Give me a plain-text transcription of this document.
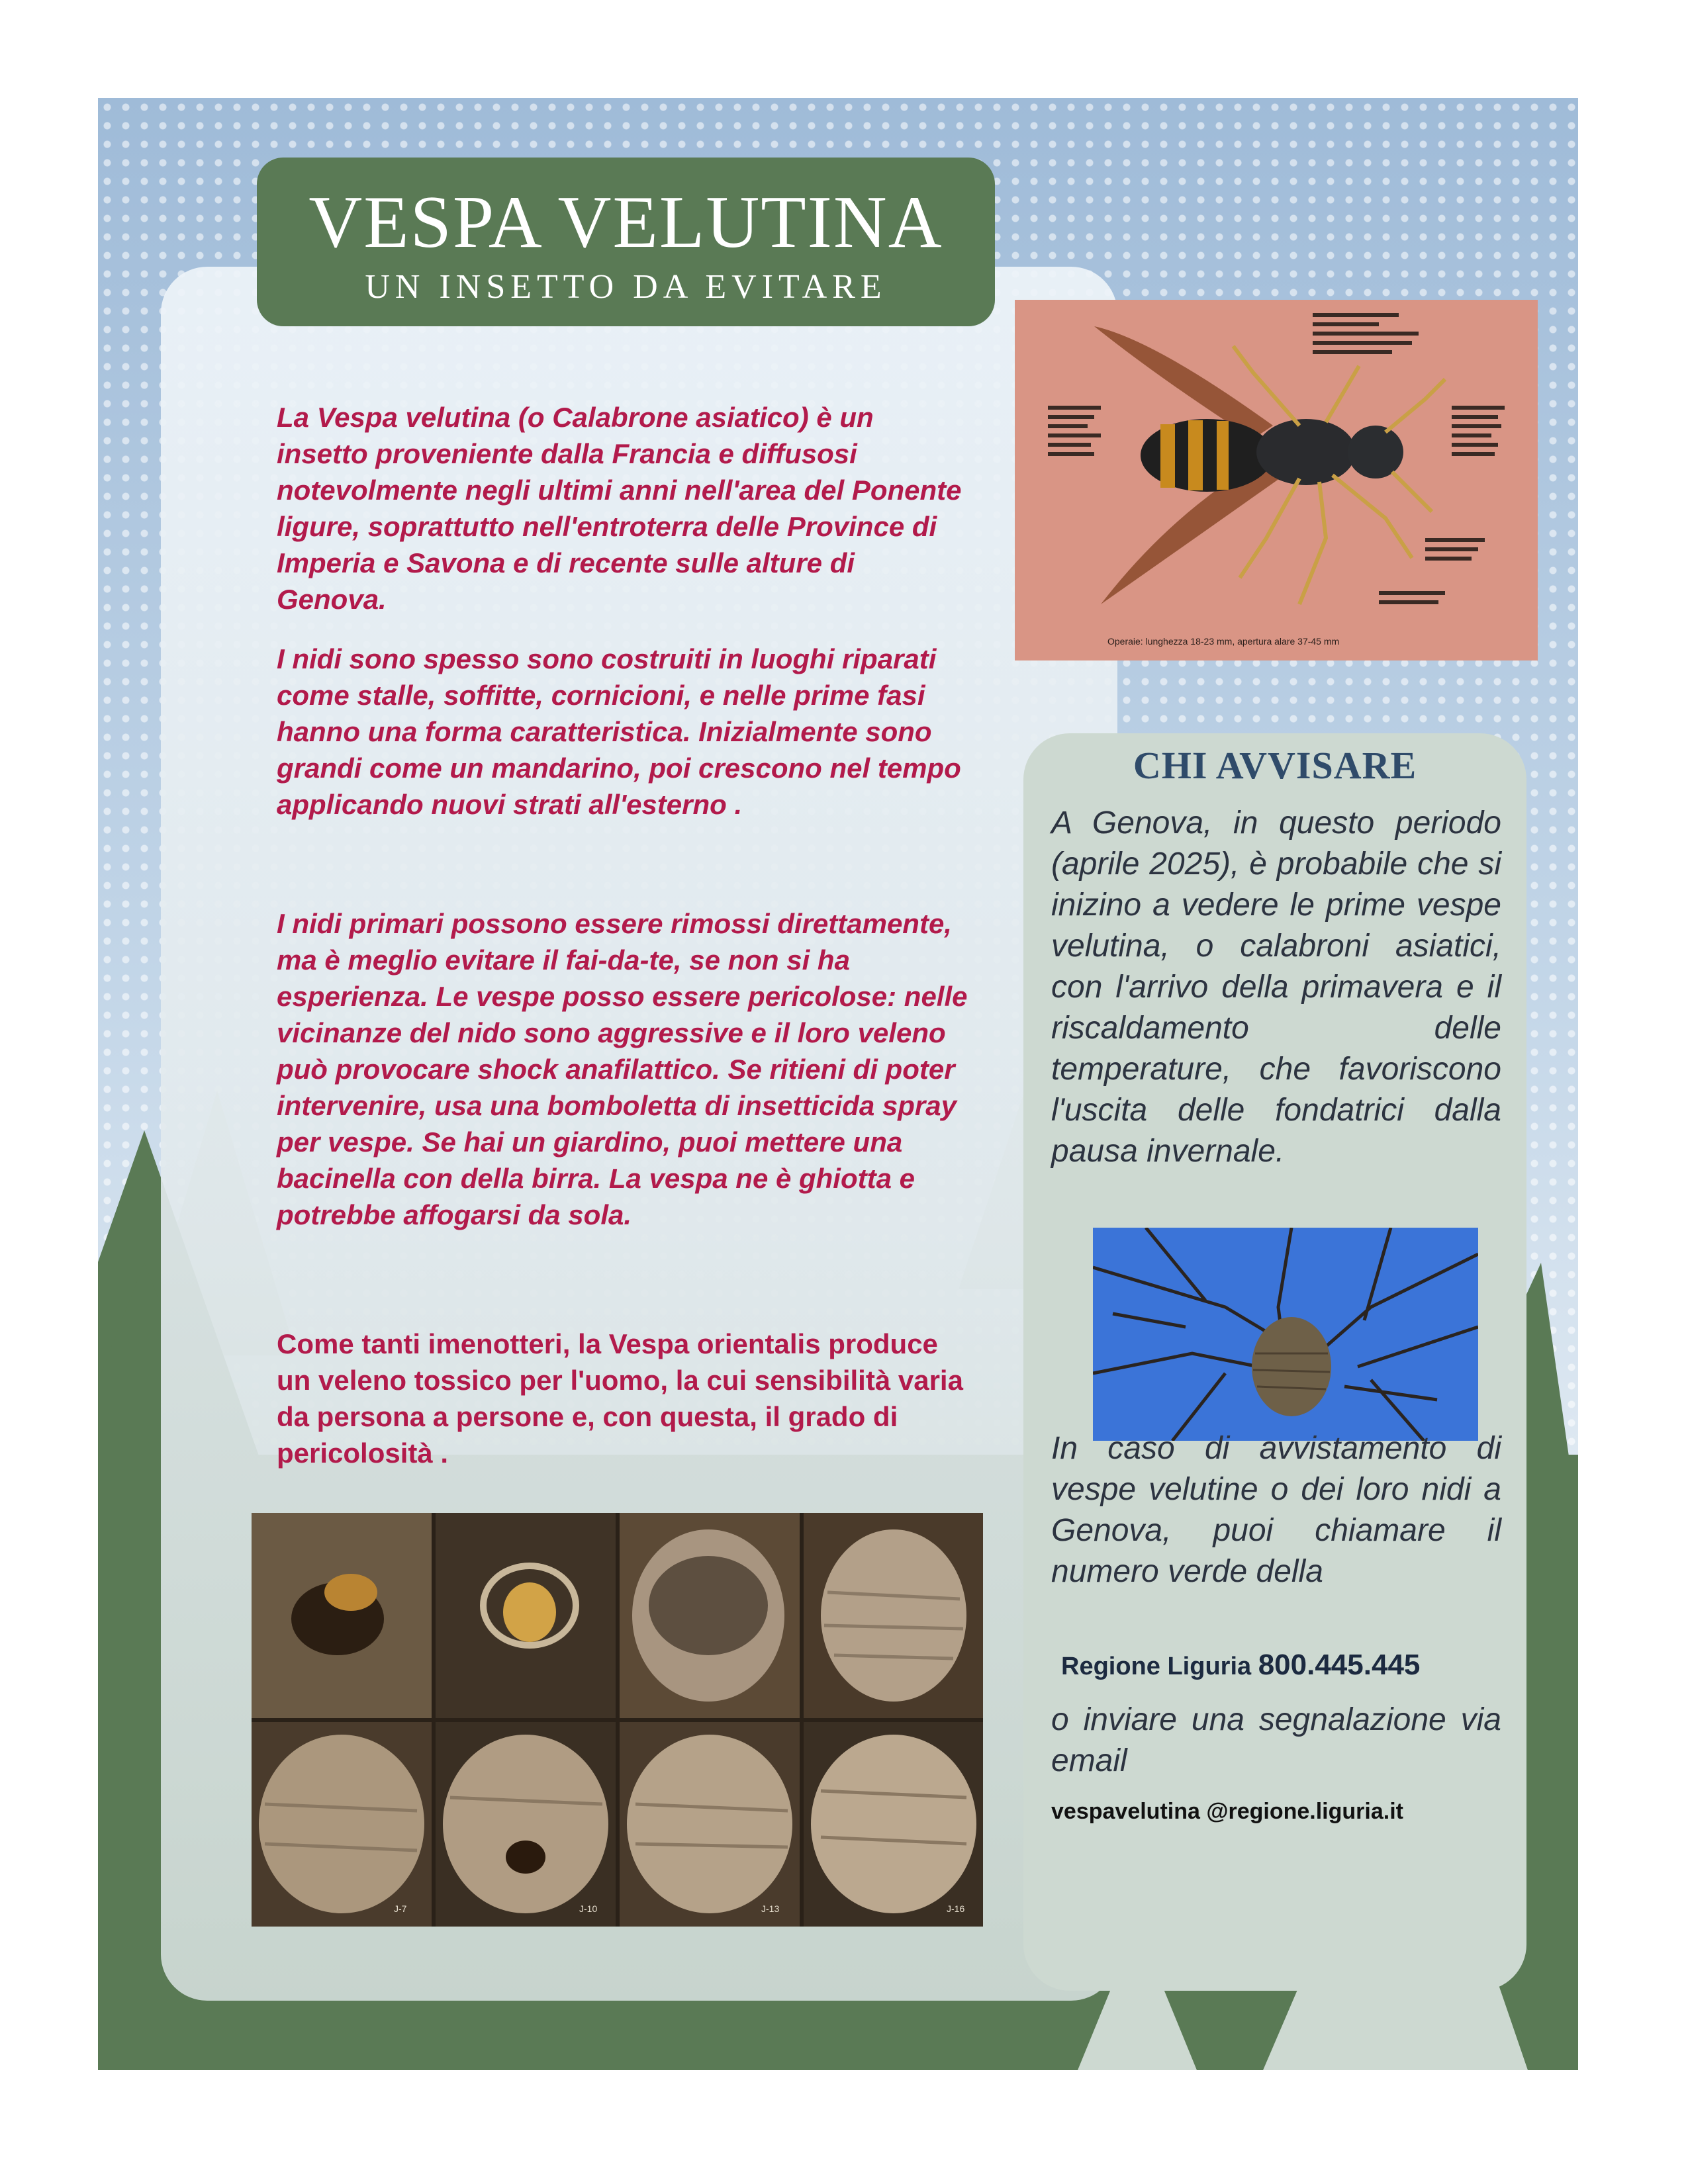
VESPA VELUTINA
UN INSETTO DA EVITARE
Operaie: lunghezza 18-23 mm, apertura alare 37-45 mm

La Vespa velutina (o Calabrone asiatico) è un insetto proveniente dalla Francia e diffusosi notevolmente negli ultimi anni nell'area del Ponente ligure, soprattutto nell'entroterra delle Province di Imperia e Savona e di recente sulle alture di Genova.

I nidi sono spesso sono costruiti in luoghi riparati come stalle, soffitte, cornicioni, e nelle prime fasi hanno una forma caratteristica. Inizialmente sono grandi come un mandarino, poi crescono nel tempo applicando nuovi strati all'esterno .

I nidi primari possono essere rimossi direttamente, ma è meglio evitare il fai-da-te, se non si ha esperienza. Le vespe posso essere pericolose: nelle vicinanze del nido sono aggressive e il loro veleno può provocare shock anafilattico. Se ritieni di poter intervenire, usa una bomboletta di insetticida spray per vespe. Se hai un giardino, puoi mettere una bacinella con della birra. La vespa ne è ghiotta e potrebbe affogarsi da sola.

Come tanti imenotteri, la Vespa orientalis produce un veleno tossico per l'uomo, la cui sensibilità varia da persona a persone e, con questa, il grado di pericolosità .

J-7	J-10	J-13	J-16
CHI AVVISARE
A Genova, in questo periodo (aprile 2025), è probabile che si inizino a vedere le prime vespe velutina, o calabroni asiatici, con l'arrivo della primavera e il riscaldamento delle temperature, che favoriscono l'uscita delle fondatrici dalla pausa invernale.
In caso di avvistamento di vespe velutine o dei loro nidi a Genova, puoi chiamare il numero verde della
Regione Liguria 800.445.445
o inviare una segnalazione via email
vespavelutina @regione.liguria.it
